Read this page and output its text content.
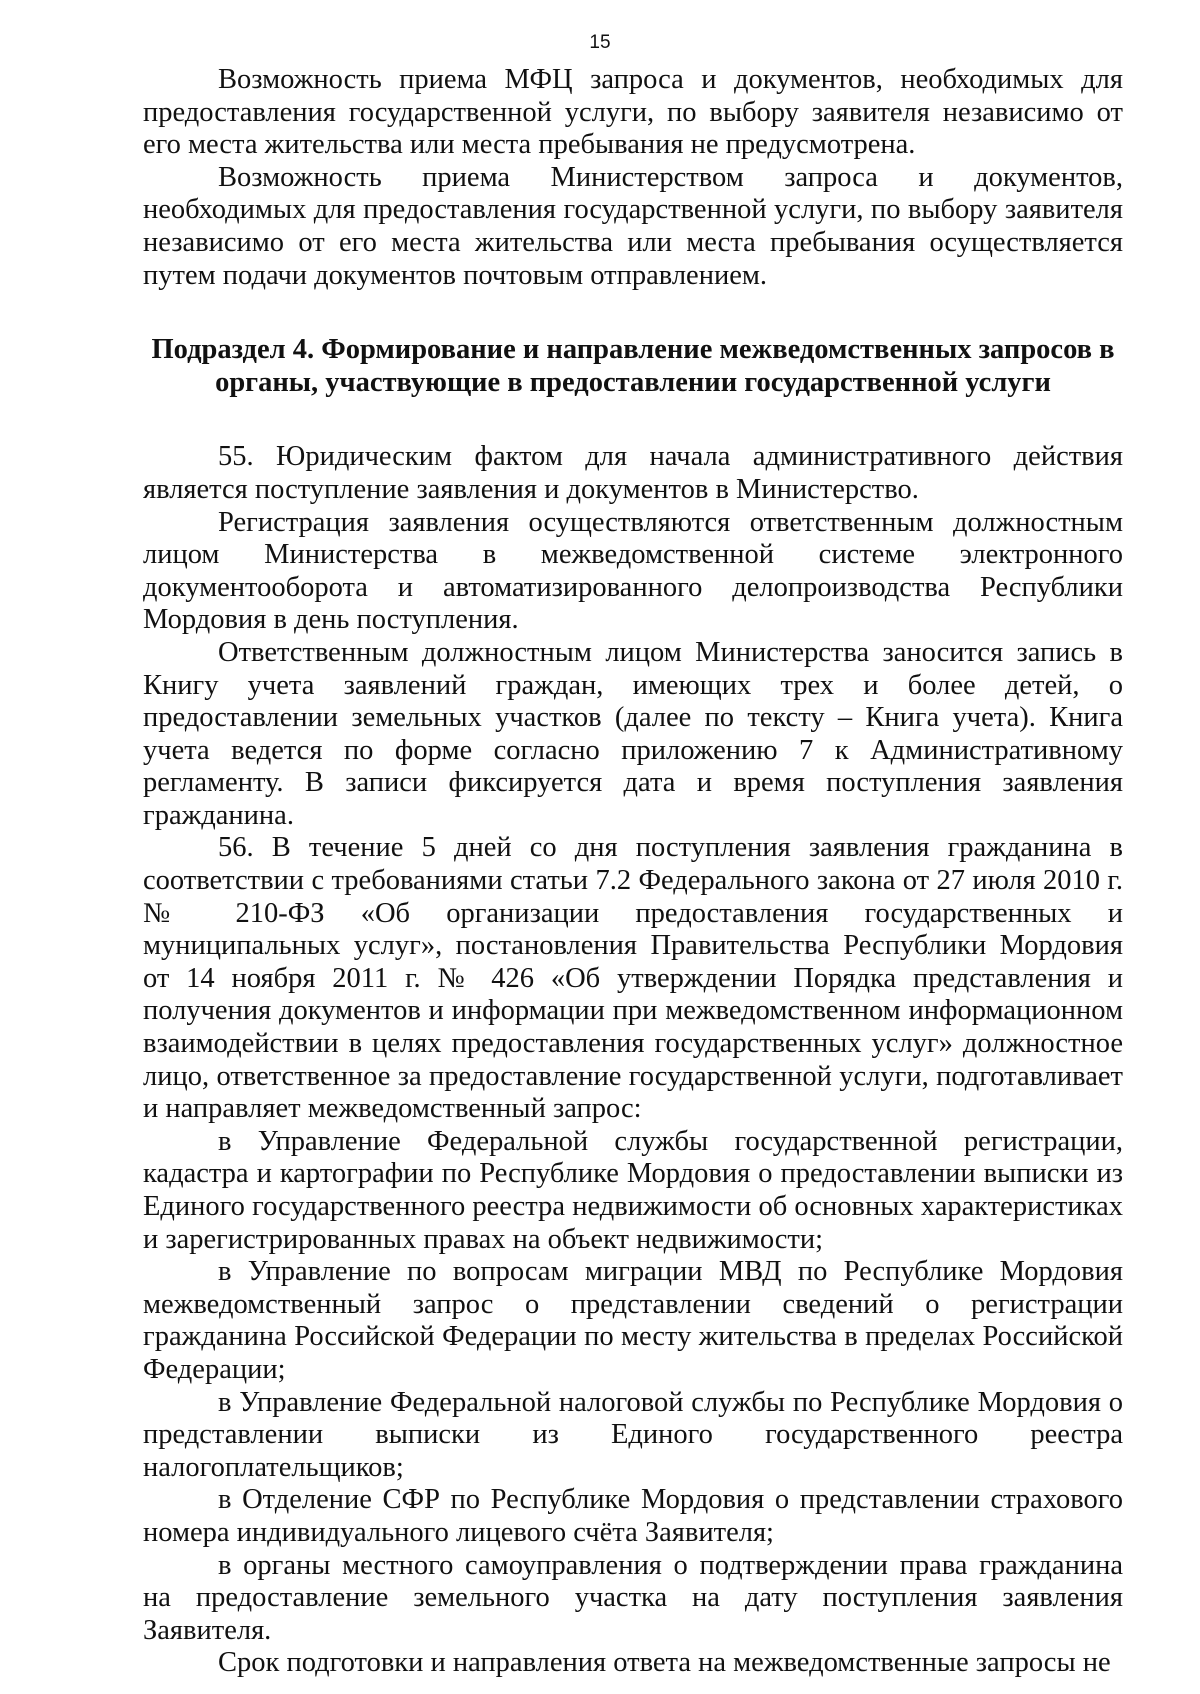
15

Возможность приема МФЦ запроса и документов, необходимых для предоставления государственной услуги, по выбору заявителя независимо от его места жительства или места пребывания не предусмотрена.

Возможность приема Министерством запроса и документов, необходимых для предоставления государственной услуги, по выбору заявителя независимо от его места жительства или места пребывания осуществляется путем подачи документов почтовым отправлением.

Подраздел 4. Формирование и направление межведомственных запросов в
органы, участвующие в предоставлении государственной услуги

55. Юридическим фактом для начала административного действия является поступление заявления и документов в Министерство.

Регистрация заявления осуществляются ответственным должностным лицом Министерства в межведомственной системе электронного документооборота и автоматизированного делопроизводства Республики Мордовия в день поступления.

Ответственным должностным лицом Министерства заносится запись в Книгу учета заявлений граждан, имеющих трех и более детей, о предоставлении земельных участков (далее по тексту – Книга учета). Книга учета ведется по форме согласно приложению 7 к Административному регламенту. В записи фиксируется дата и время поступления заявления гражданина.

56. В течение 5 дней со дня поступления заявления гражданина в соответствии с требованиями статьи 7.2 Федерального закона от 27 июля 2010 г. № 210-ФЗ «Об организации предоставления государственных и муниципальных услуг», постановления Правительства Республики Мордовия от 14 ноября 2011 г. № 426 «Об утверждении Порядка представления и получения документов и информации при межведомственном информационном взаимодействии в целях предоставления государственных услуг» должностное лицо, ответственное за предоставление государственной услуги, подготавливает и направляет межведомственный запрос:

в Управление Федеральной службы государственной регистрации, кадастра и картографии по Республике Мордовия о предоставлении выписки из Единого государственного реестра недвижимости об основных характеристиках и зарегистрированных правах на объект недвижимости;

в Управление по вопросам миграции МВД по Республике Мордовия межведомственный запрос о представлении сведений о регистрации гражданина Российской Федерации по месту жительства в пределах Российской Федерации;

в Управление Федеральной налоговой службы по Республике Мордовия о представлении выписки из Единого государственного реестра налогоплательщиков;

в Отделение СФР по Республике Мордовия о представлении страхового номера индивидуального лицевого счёта Заявителя;

в органы местного самоуправления о подтверждении права гражданина на предоставление земельного участка на дату поступления заявления Заявителя.

Срок подготовки и направления ответа на межведомственные запросы не
